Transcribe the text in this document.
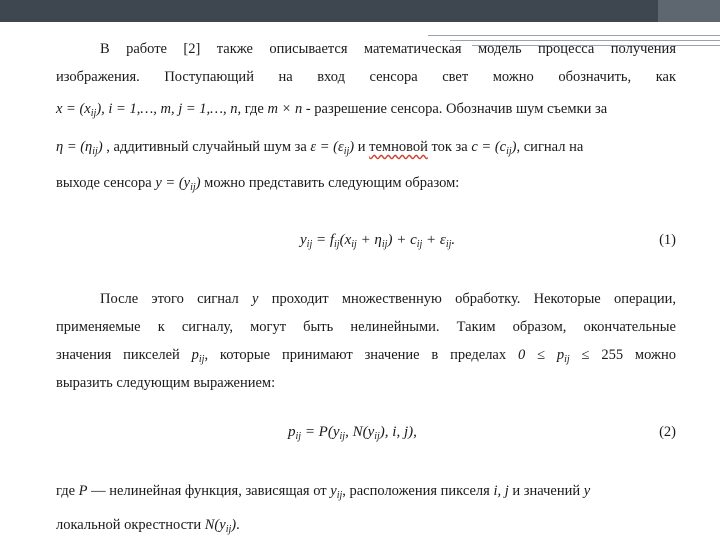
В работе [2] также описывается математическая модель процесса получения
изображения. Поступающий на вход сенсора свет можно обозначить, как
$x = (x_{ij})$, i = 1,…, m, j = 1,…, n, где m × n - разрешение сенсора. Обозначив шум съемки за
$\eta = (\eta_{ij})$ , аддитивный случайный шум за $\varepsilon = (\varepsilon_{ij})$ и темновой ток за $c = (c_{ij})$, сигнал на
выходе сенсора $y = (y_{ij})$ можно представить следующим образом:
$y_{ij} = f_{ij}(x_{ij} + \eta_{ij}) + c_{ij} + \varepsilon_{ij}$.	(1)
После этого сигнал y проходит множественную обработку. Некоторые операции,
применяемые к сигналу, могут быть нелинейными. Таким образом, окончательные
значения пикселей $p_{ij}$, которые принимают значение в пределах $0 \le p_{ij} \le 255$ можно
выразить следующим выражением:
$p_{ij} = P(y_{ij}$, $N(y_{ij})$, i, j),	(2)
где P — нелинейная функция, зависящая от $y_{ij}$, расположения пикселя i, j и значений y
локальной окрестности $N(y_{ij})$.
